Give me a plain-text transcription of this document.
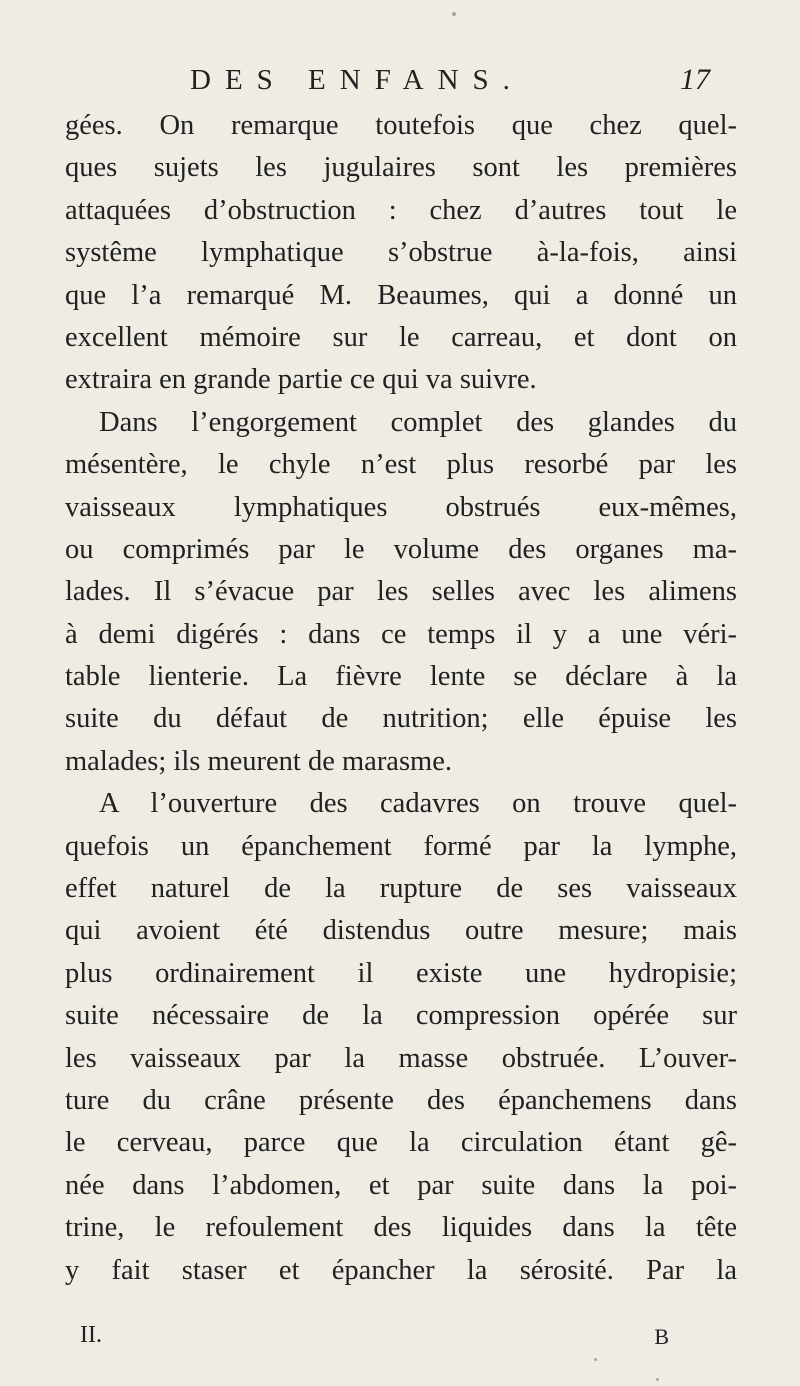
DES ENFANS.	17
gées. On remarque toutefois que chez quel-
ques sujets les jugulaires sont les premières
attaquées d’obstruction : chez d’autres tout le
systême lymphatique s’obstrue à-la-fois, ainsi
que l’a remarqué M. Beaumes, qui a donné un
excellent mémoire sur le carreau, et dont on
extraira en grande partie ce qui va suivre.
Dans l’engorgement complet des glandes du
mésentère, le chyle n’est plus resorbé par les
vaisseaux lymphatiques obstrués eux-mêmes,
ou comprimés par le volume des organes ma-
lades. Il s’évacue par les selles avec les alimens
à demi digérés : dans ce temps il y a une véri-
table lienterie. La fièvre lente se déclare à la
suite du défaut de nutrition; elle épuise les
malades; ils meurent de marasme.
A l’ouverture des cadavres on trouve quel-
quefois un épanchement formé par la lymphe,
effet naturel de la rupture de ses vaisseaux
qui avoient été distendus outre mesure; mais
plus ordinairement il existe une hydropisie;
suite nécessaire de la compression opérée sur
les vaisseaux par la masse obstruée. L’ouver-
ture du crâne présente des épanchemens dans
le cerveau, parce que la circulation étant gê-
née dans l’abdomen, et par suite dans la poi-
trine, le refoulement des liquides dans la tête
y fait staser et épancher la sérosité. Par la
II.	B
